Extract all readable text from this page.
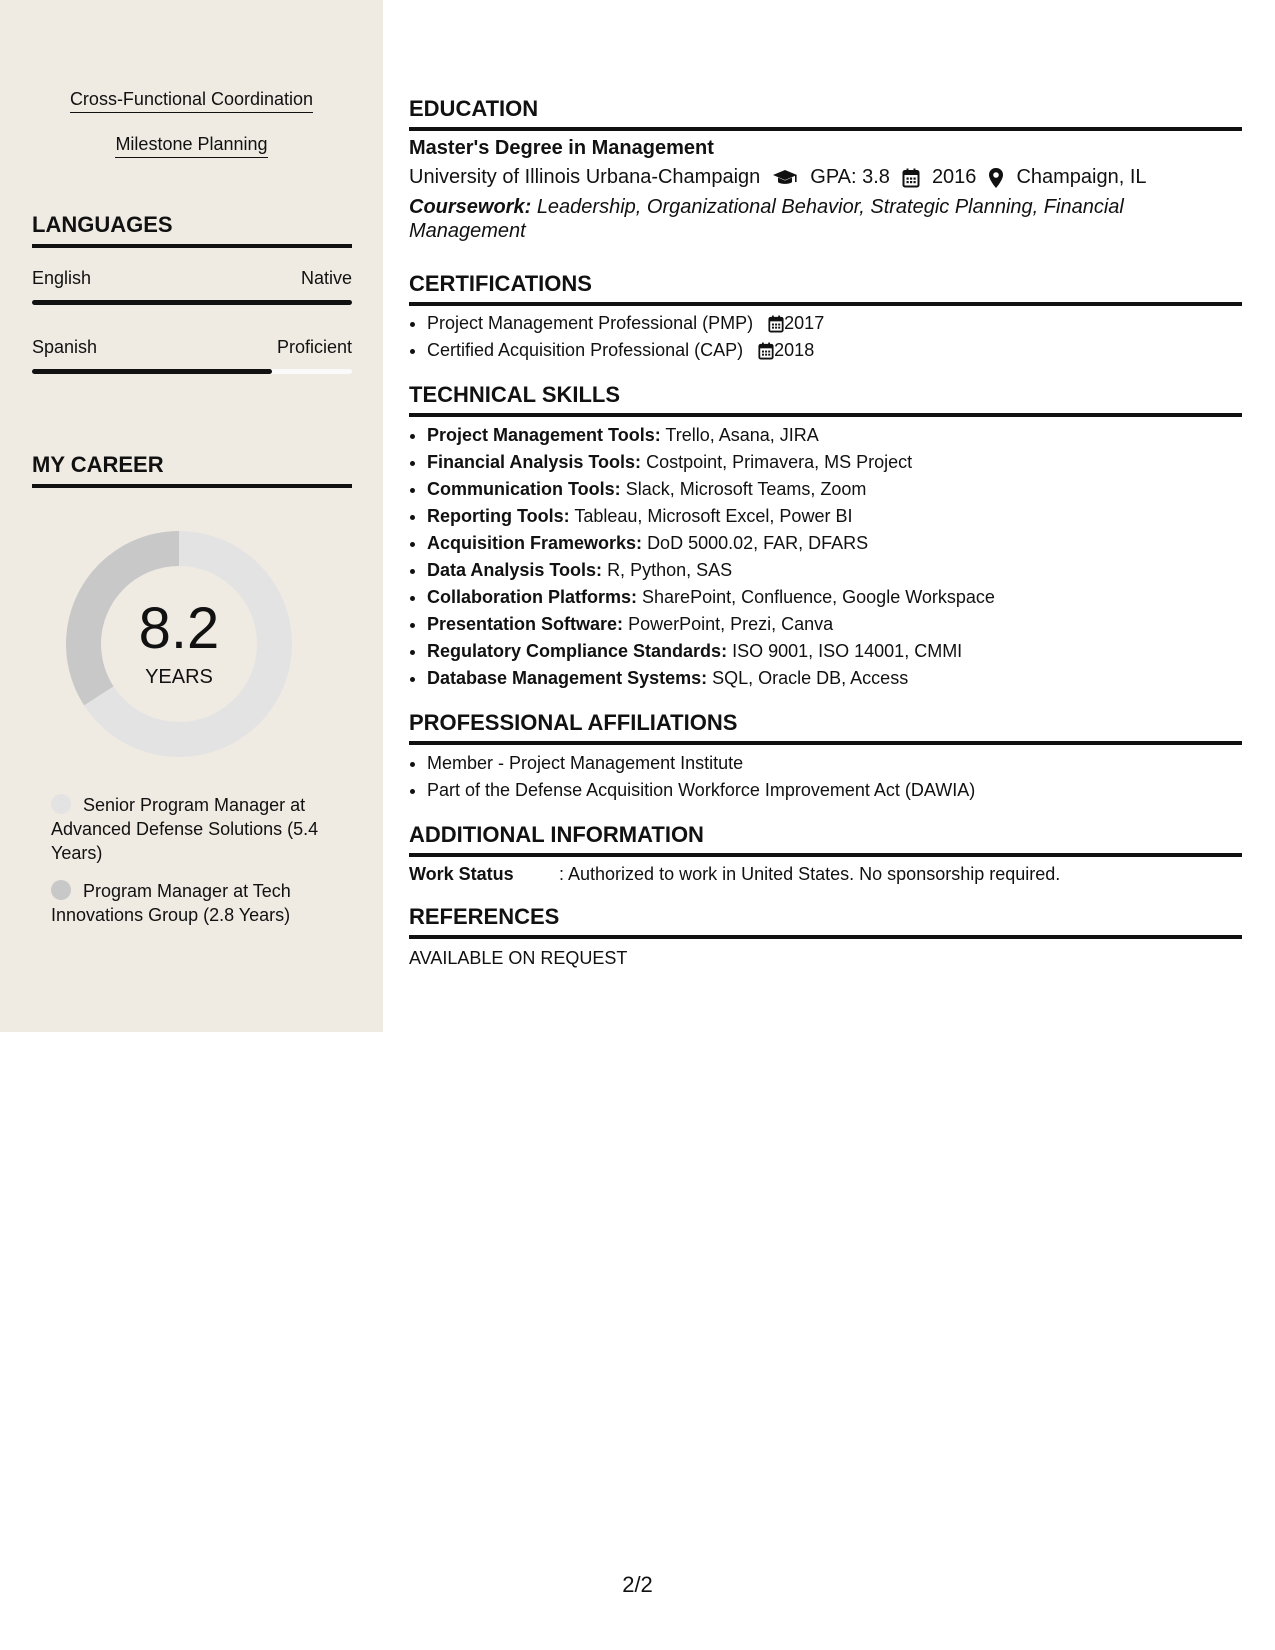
Cross-Functional Coordination
Milestone Planning
LANGUAGES
English	Native
Spanish	Proficient
MY CAREER
8.2
YEARS
Senior Program Manager at Advanced Defense Solutions (5.4 Years)
Program Manager at Tech Innovations Group (2.8 Years)
EDUCATION
Master's Degree in Management
University of Illinois Urbana-Champaign	GPA: 3.8 2016 Champaign, IL
Coursework: Leadership, Organizational Behavior, Strategic Planning, Financial Management
CERTIFICATIONS
• Project Management Professional (PMP) 2017
• Certified Acquisition Professional (CAP) 2018
TECHNICAL SKILLS
• Project Management Tools: Trello, Asana, JIRA
• Financial Analysis Tools: Costpoint, Primavera, MS Project
• Communication Tools: Slack, Microsoft Teams, Zoom
• Reporting Tools: Tableau, Microsoft Excel, Power BI
• Acquisition Frameworks: DoD 5000.02, FAR, DFARS
• Data Analysis Tools: R, Python, SAS
• Collaboration Platforms: SharePoint, Confluence, Google Workspace
• Presentation Software: PowerPoint, Prezi, Canva
• Regulatory Compliance Standards: ISO 9001, ISO 14001, CMMI
• Database Management Systems: SQL, Oracle DB, Access
PROFESSIONAL AFFILIATIONS
• Member - Project Management Institute
• Part of the Defense Acquisition Workforce Improvement Act (DAWIA)
ADDITIONAL INFORMATION
Work Status	: Authorized to work in United States. No sponsorship required.
REFERENCES
AVAILABLE ON REQUEST
2/2
